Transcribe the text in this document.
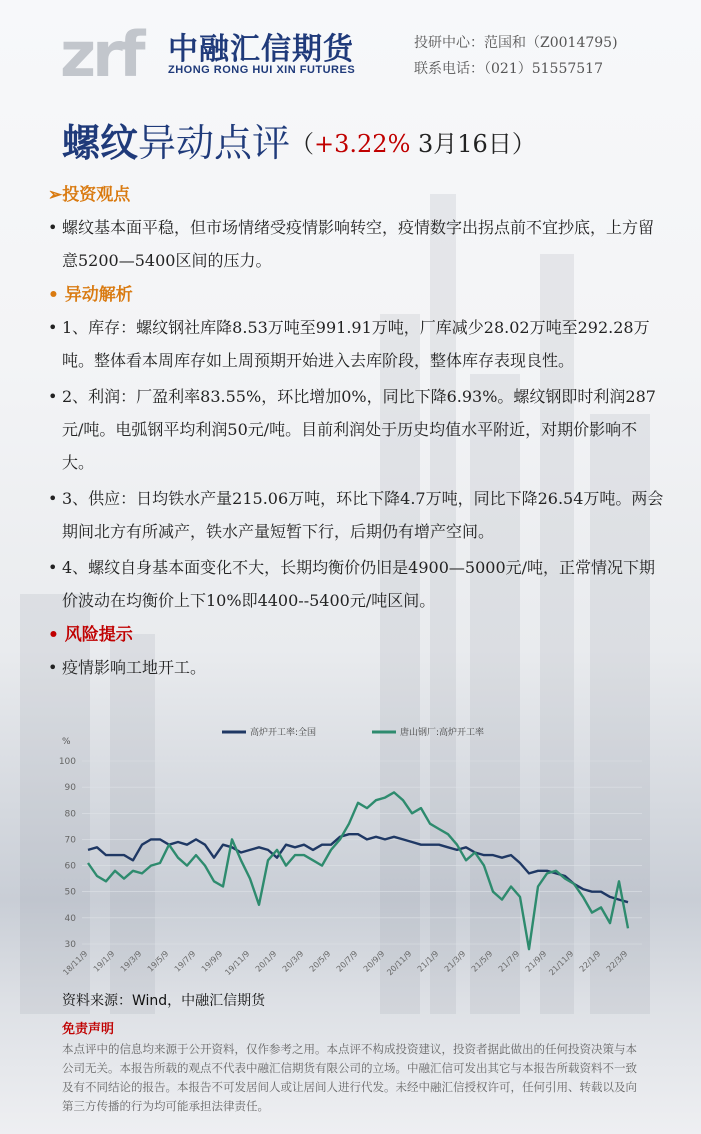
zrf 中融汇信期货
ZHONG RONG HUI XIN FUTURES
投研中心：范国和（Z0014795)
联系电话：（021）51557517
螺纹异动点评（+3.22% 3月16日）
➢投资观点
• 螺纹基本面平稳，但市场情绪受疫情影响转空，疫情数字出拐点前不宜抄底，上方留意5200—5400区间的压力。
• 异动解析
• 1、库存：螺纹钢社库降8.53万吨至991.91万吨，厂库减少28.02万吨至292.28万吨。整体看本周库存如上周预期开始进入去库阶段，整体库存表现良性。
• 2、利润：厂盈利率83.55%，环比增加0%，同比下降6.93%。螺纹钢即时利润287元/吨。电弧钢平均利润50元/吨。目前利润处于历史均值水平附近，对期价影响不大。
• 3、供应：日均铁水产量215.06万吨，环比下降4.7万吨，同比下降26.54万吨。两会期间北方有所减产，铁水产量短暂下行，后期仍有增产空间。
• 4、螺纹自身基本面变化不大，长期均衡价仍旧是4900—5000元/吨，正常情况下期价波动在均衡价上下10%即4400--5400元/吨区间。
• 风险提示
• 疫情影响工地开工。
%
100
90
80
70
60
50
40
30
高炉开工率:全国	唐山钢厂:高炉开工率
18/11/9 19/1/9 19/3/9 19/5/9 19/7/9 19/9/9
19/11/9 20/1/9 20/3/9 20/5/9 20/7/9 20/9/9
20/11/9 21/1/9 21/3/9 21/5/9 21/7/9 21/9/9
21/11/9 22/1/9 22/3/9
资料来源：Wind，中融汇信期货
免责声明
本点评中的信息均来源于公开资料，仅作参考之用。本点评不构成投资建议，投资者据此做出的任何投资决策与本公司无关。本报告所载的观点不代表中融汇信期货有限公司的立场。中融汇信可发出其它与本报告所载资料不一致及有不同结论的报告。本报告不可发居间人或让居间人进行代发。未经中融汇信授权许可，任何引用、转载以及向第三方传播的行为均可能承担法律责任。
